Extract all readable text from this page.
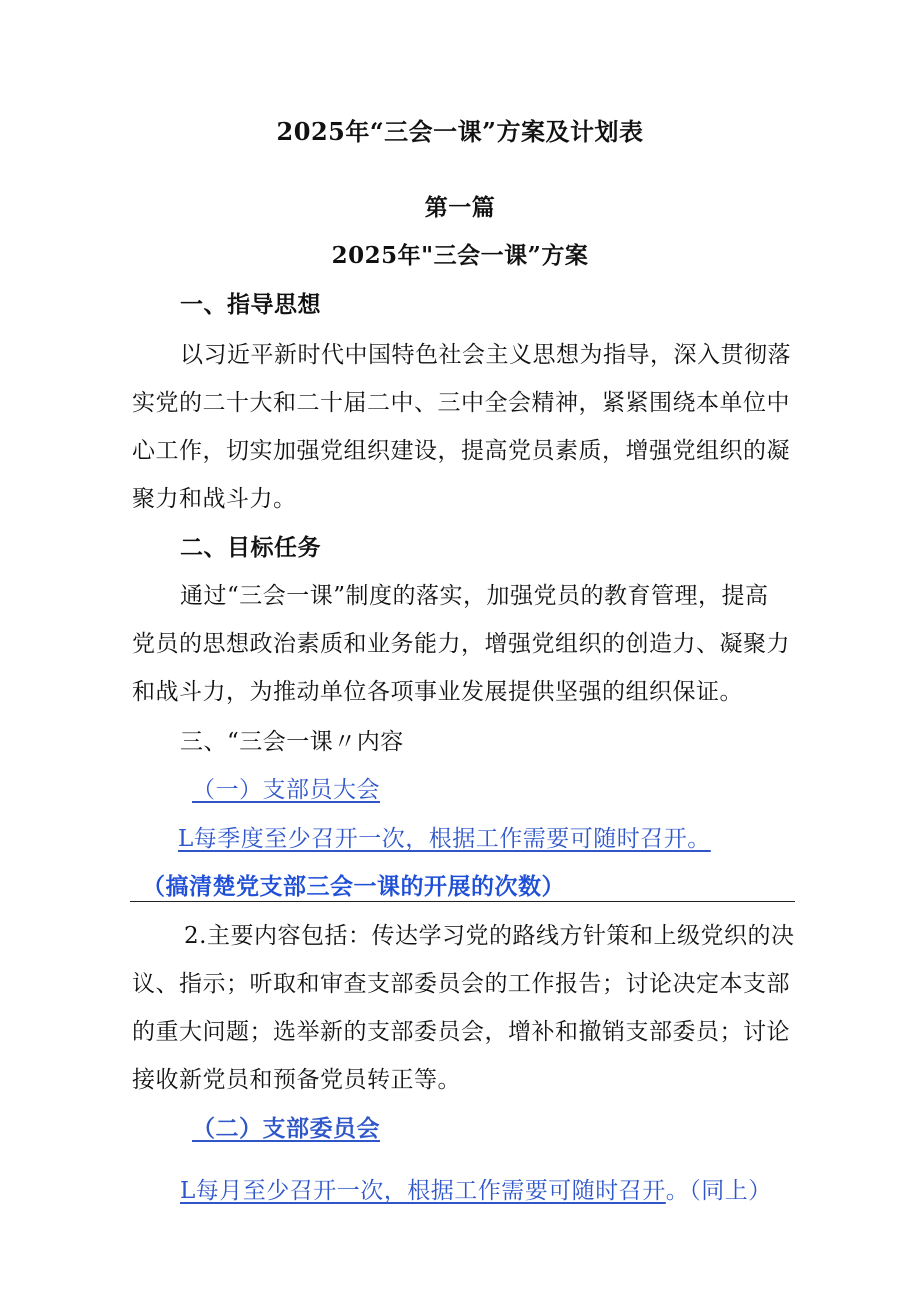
2025年“三会一课”方案及计划表
第一篇
2025年"三会一课”方案
一、指导思想
以习近平新时代中国特色社会主义思想为指导，深入贯彻落
实党的二十大和二十届二中、三中全会精神，紧紧围绕本单位中
心工作，切实加强党组织建设，提高党员素质，增强党组织的凝
聚力和战斗力。
二、目标任务
通过“三会一课”制度的落实，加强党员的教育管理，提高
党员的思想政治素质和业务能力，增强党组织的创造力、凝聚力
和战斗力，为推动单位各项事业发展提供坚强的组织保证。
三、“三会一课〃内容
（一）支部员大会
L每季度至少召开一次，根据工作需要可随时召开。
（搞清楚党支部三会一课的开展的次数）
2.主要内容包括：传达学习党的路线方针策和上级党织的决
议、指示；听取和审查支部委员会的工作报告；讨论决定本支部
的重大问题；选举新的支部委员会，增补和撤销支部委员；讨论
接收新党员和预备党员转正等。
（二）支部委员会
L每月至少召开一次，根据工作需要可随时召开。（同上）
